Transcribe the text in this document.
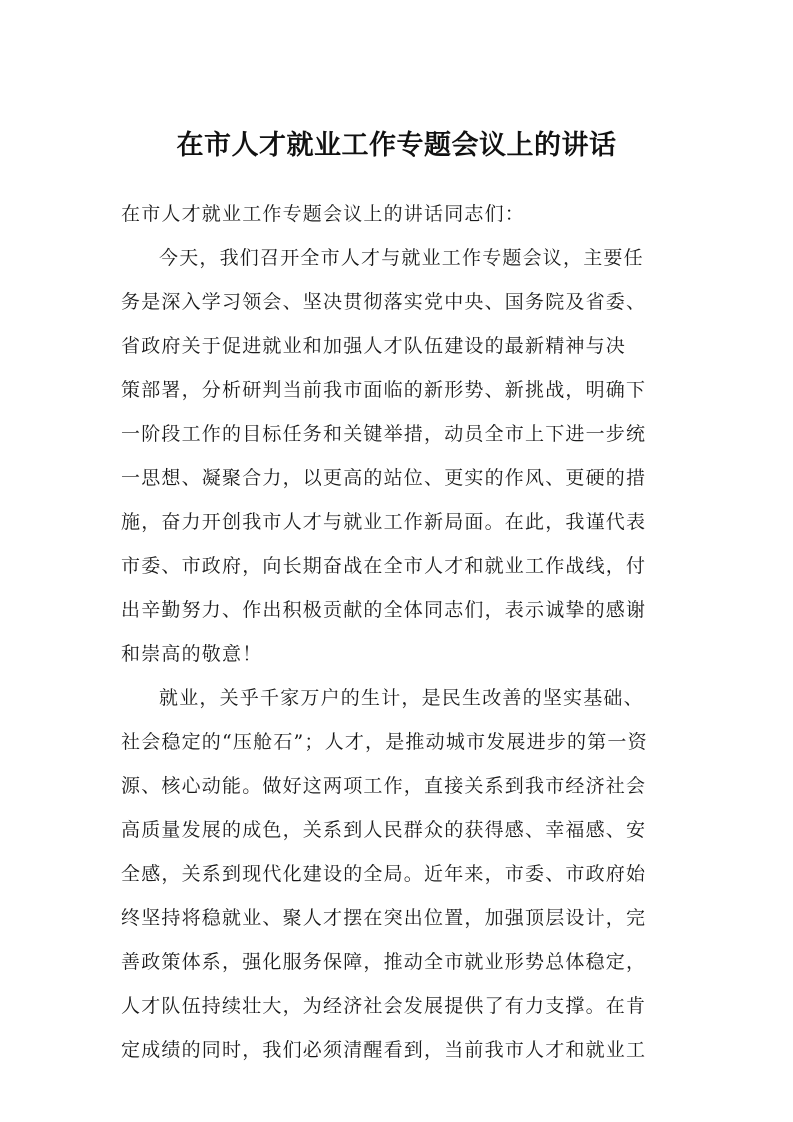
在市人才就业工作专题会议上的讲话
在市人才就业工作专题会议上的讲话同志们：
今天，我们召开全市人才与就业工作专题会议，主要任
务是深入学习领会、坚决贯彻落实党中央、国务院及省委、
省政府关于促进就业和加强人才队伍建设的最新精神与决
策部署，分析研判当前我市面临的新形势、新挑战，明确下
一阶段工作的目标任务和关键举措，动员全市上下进一步统
一思想、凝聚合力，以更高的站位、更实的作风、更硬的措
施，奋力开创我市人才与就业工作新局面。在此，我谨代表
市委、市政府，向长期奋战在全市人才和就业工作战线，付
出辛勤努力、作出积极贡献的全体同志们，表示诚挚的感谢
和崇高的敬意！
就业，关乎千家万户的生计，是民生改善的坚实基础、
社会稳定的“压舱石”；人才，是推动城市发展进步的第一资
源、核心动能。做好这两项工作，直接关系到我市经济社会
高质量发展的成色，关系到人民群众的获得感、幸福感、安
全感，关系到现代化建设的全局。近年来，市委、市政府始
终坚持将稳就业、聚人才摆在突出位置，加强顶层设计，完
善政策体系，强化服务保障，推动全市就业形势总体稳定，
人才队伍持续壮大，为经济社会发展提供了有力支撑。在肯
定成绩的同时，我们必须清醒看到，当前我市人才和就业工
